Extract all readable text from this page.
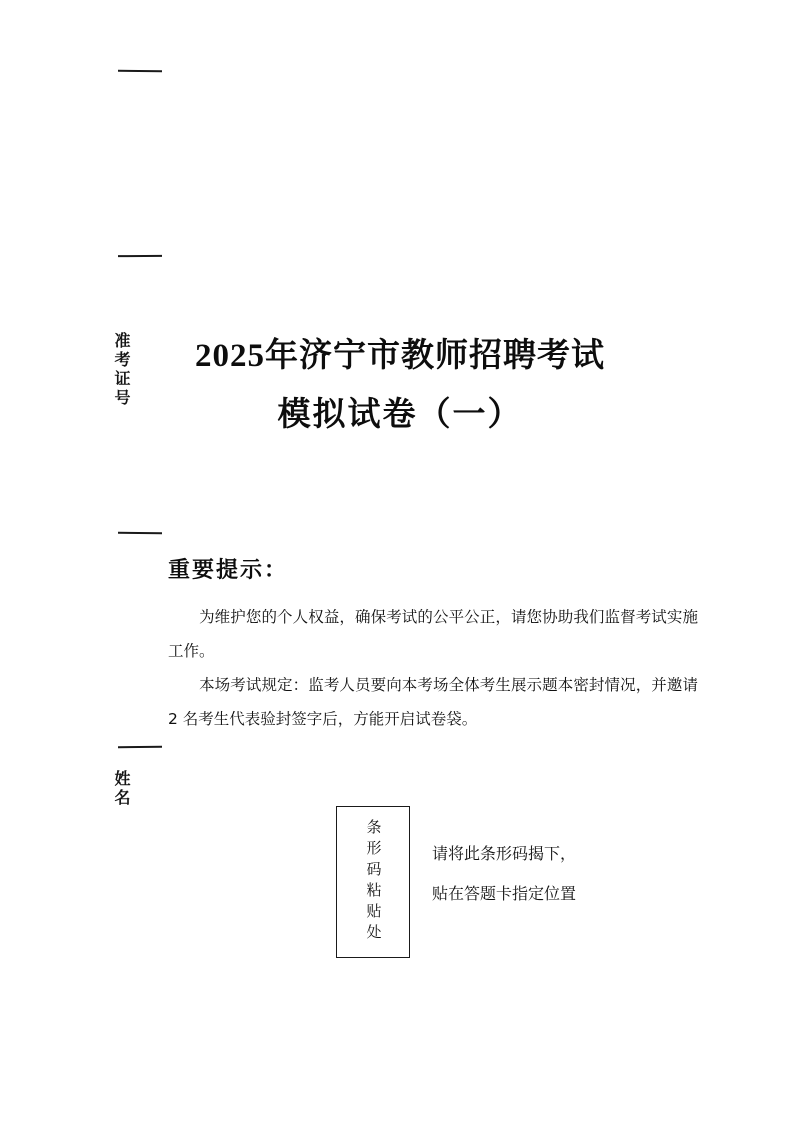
准考证号
姓名
2025年济宁市教师招聘考试
模拟试卷（一）
重要提示：
为维护您的个人权益，确保考试的公平公正，请您协助我们监督考试实施工作。
本场考试规定：监考人员要向本考场全体考生展示题本密封情况，并邀请 2 名考生代表验封签字后，方能开启试卷袋。
条形码粘贴处	请将此条形码揭下，
贴在答题卡指定位置
